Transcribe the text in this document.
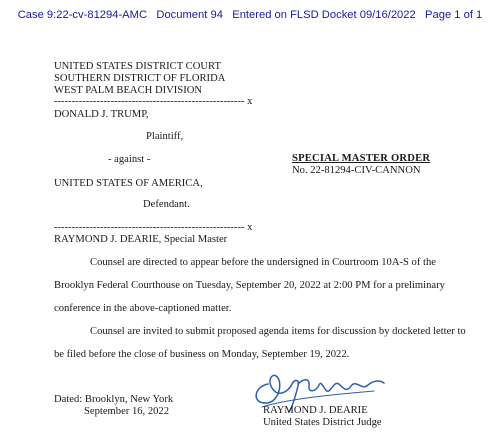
Case 9:22-cv-81294-AMC Document 94 Entered on FLSD Docket 09/16/2022 Page 1 of 1
UNITED STATES DISTRICT COURT
SOUTHERN DISTRICT OF FLORIDA
WEST PALM BEACH DIVISION
------------------------------------------------------ x
DONALD J. TRUMP,
Plaintiff,
- against -
UNITED STATES OF AMERICA,
Defendant.
SPECIAL MASTER ORDER
No. 22-81294-CIV-CANNON
------------------------------------------------------ x
RAYMOND J. DEARIE, Special Master
Counsel are directed to appear before the undersigned in Courtroom 10A-S of the
Brooklyn Federal Courthouse on Tuesday, September 20, 2022 at 2:00 PM for a preliminary
conference in the above-captioned matter.
Counsel are invited to submit proposed agenda items for discussion by docketed letter to
be filed before the close of business on Monday, September 19, 2022.
Dated: Brooklyn, New York
September 16, 2022	RAYMOND J. DEARIE
United States District Judge
